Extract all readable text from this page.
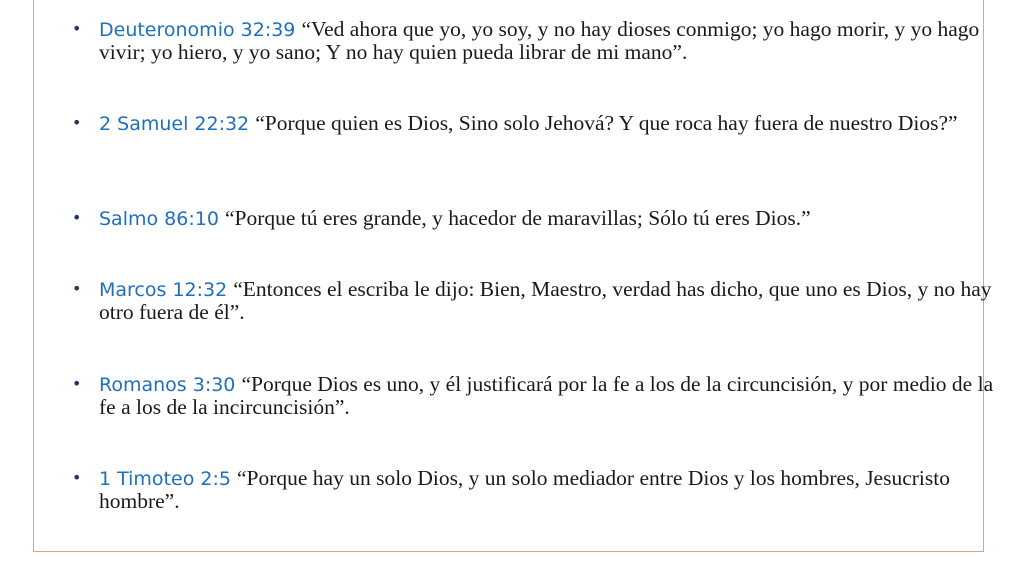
• Deuteronomio 32:39 “Ved ahora que yo, yo soy, y no hay dioses conmigo; yo hago morir, y yo hago vivir; yo hiero, y yo sano; Y no hay quien pueda librar de mi mano”.
• 2 Samuel 22:32 “Porque quien es Dios, Sino solo Jehová? Y que roca hay fuera de nuestro Dios?”
• Salmo 86:10 “Porque tú eres grande, y hacedor de maravillas; Sólo tú eres Dios.”
• Marcos 12:32 “Entonces el escriba le dijo: Bien, Maestro, verdad has dicho, que uno es Dios, y no hay otro fuera de él”.
• Romanos 3:30 “Porque Dios es uno, y él justificará por la fe a los de la circuncisión, y por medio de la fe a los de la incircuncisión”.
• 1 Timoteo 2:5 “Porque hay un solo Dios, y un solo mediador entre Dios y los hombres, Jesucristo hombre”.
